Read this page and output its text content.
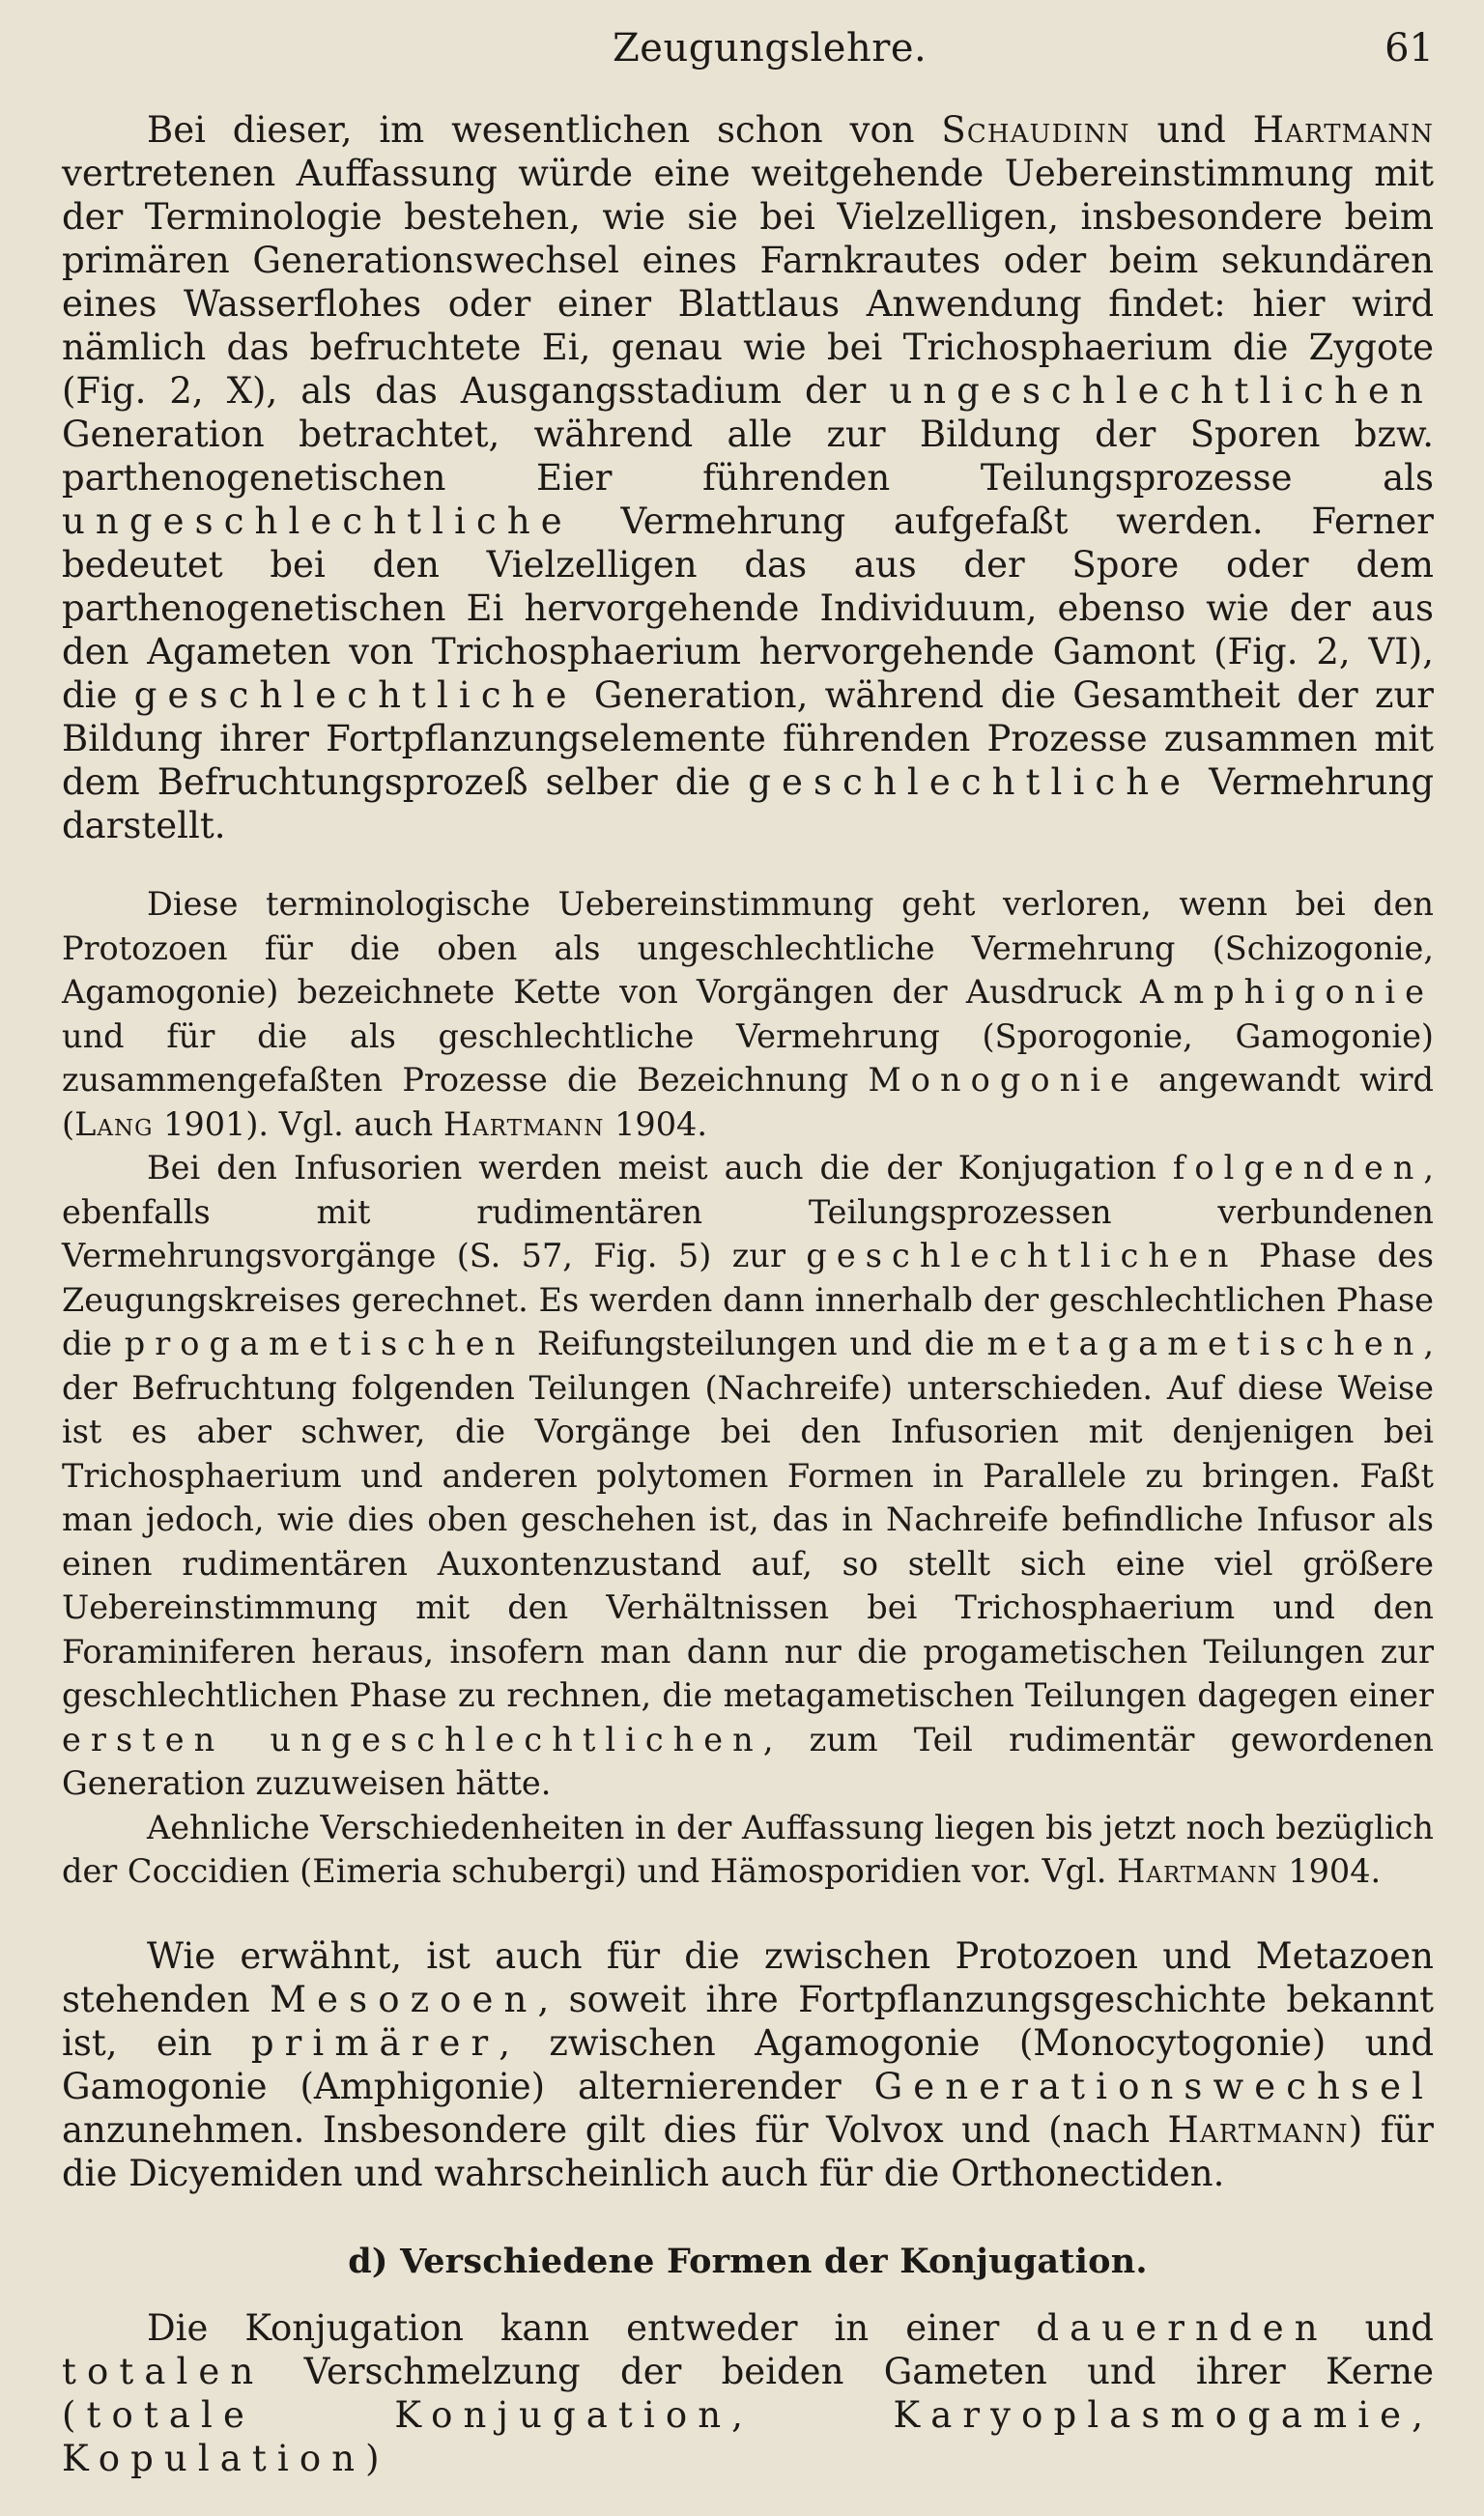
Zeugungslehre.	61

Bei dieser, im wesentlichen schon von Schaudinn und Hartmann vertretenen Auffassung würde eine weitgehende Uebereinstimmung mit der Terminologie bestehen, wie sie bei Vielzelligen, insbesondere beim primären Generationswechsel eines Farnkrautes oder beim sekundären eines Wasserflohes oder einer Blattlaus Anwendung findet: hier wird nämlich das befruchtete Ei, genau wie bei Trichosphaerium die Zygote (Fig. 2, X), als das Ausgangsstadium der ungeschlechtlichen Generation betrachtet, während alle zur Bildung der Sporen bzw. parthenogenetischen Eier führenden Teilungsprozesse als ungeschlechtliche Vermehrung aufgefaßt werden. Ferner bedeutet bei den Vielzelligen das aus der Spore oder dem parthenogenetischen Ei hervorgehende Individuum, ebenso wie der aus den Agameten von Trichosphaerium hervorgehende Gamont (Fig. 2, VI), die geschlechtliche Generation, während die Gesamtheit der zur Bildung ihrer Fortpflanzungselemente führenden Prozesse zusammen mit dem Befruchtungsprozeß selber die geschlechtliche Vermehrung darstellt.

Diese terminologische Uebereinstimmung geht verloren, wenn bei den Protozoen für die oben als ungeschlechtliche Vermehrung (Schizogonie, Agamogonie) bezeichnete Kette von Vorgängen der Ausdruck Amphigonie und für die als geschlechtliche Vermehrung (Sporogonie, Gamogonie) zusammengefaßten Prozesse die Bezeichnung Monogonie angewandt wird (Lang 1901). Vgl. auch Hartmann 1904.

Bei den Infusorien werden meist auch die der Konjugation folgenden, ebenfalls mit rudimentären Teilungsprozessen verbundenen Vermehrungsvorgänge (S. 57, Fig. 5) zur geschlechtlichen Phase des Zeugungskreises gerechnet. Es werden dann innerhalb der geschlechtlichen Phase die progametischen Reifungsteilungen und die metagametischen, der Befruchtung folgenden Teilungen (Nachreife) unterschieden. Auf diese Weise ist es aber schwer, die Vorgänge bei den Infusorien mit denjenigen bei Trichosphaerium und anderen polytomen Formen in Parallele zu bringen. Faßt man jedoch, wie dies oben geschehen ist, das in Nachreife befindliche Infusor als einen rudimentären Auxontenzustand auf, so stellt sich eine viel größere Uebereinstimmung mit den Verhältnissen bei Trichosphaerium und den Foraminiferen heraus, insofern man dann nur die progametischen Teilungen zur geschlechtlichen Phase zu rechnen, die metagametischen Teilungen dagegen einer ersten ungeschlechtlichen, zum Teil rudimentär gewordenen Generation zuzuweisen hätte.

Aehnliche Verschiedenheiten in der Auffassung liegen bis jetzt noch bezüglich der Coccidien (Eimeria schubergi) und Hämosporidien vor. Vgl. Hartmann 1904.

Wie erwähnt, ist auch für die zwischen Protozoen und Metazoen stehenden Mesozoen, soweit ihre Fortpflanzungsgeschichte bekannt ist, ein primärer, zwischen Agamogonie (Monocytogonie) und Gamogonie (Amphigonie) alternierender Generationswechsel anzunehmen. Insbesondere gilt dies für Volvox und (nach Hartmann) für die Dicyemiden und wahrscheinlich auch für die Orthonectiden.

d) Verschiedene Formen der Konjugation.

Die Konjugation kann entweder in einer dauernden und totalen Verschmelzung der beiden Gameten und ihrer Kerne (totale Konjugation, Karyoplasmogamie, Kopulation)
